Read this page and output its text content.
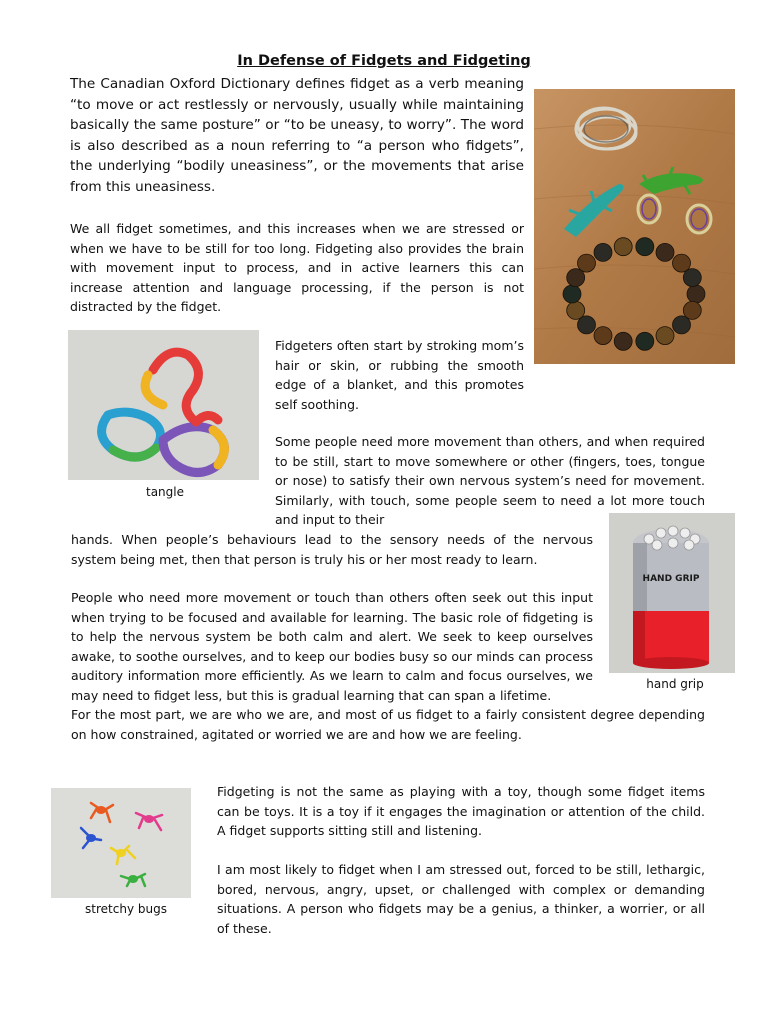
In Defense of Fidgets and Fidgeting

The Canadian Oxford Dictionary defines fidget as a verb meaning “to move or act restlessly or nervously, usually while maintaining basically the same posture” or “to be uneasy, to worry”. The word is also described as a noun referring to “a person who fidgets”, the underlying “bodily uneasiness”, or the movements that arise from this uneasiness.

We all fidget sometimes, and this increases when we are stressed or when we have to be still for too long. Fidgeting also provides the brain with movement input to process, and in active learners this can increase attention and language processing, if the person is not distracted by the fidget.

Fidgeters often start by stroking mom’s hair or skin, or rubbing the smooth edge of a blanket, and this promotes self soothing.

Some people need more movement than others, and when required to be still, start to move somewhere or other (fingers, toes, tongue or nose) to satisfy their own nervous system’s need for movement. Similarly, with touch, some people seem to need a lot more touch and input to their

hands. When people’s behaviours lead to the sensory needs of the nervous system being met, then that person is truly his or her most ready to learn.

People who need more movement or touch than others often seek out this input when trying to be focused and available for learning. The basic role of fidgeting is to help the nervous system be both calm and alert. We seek to keep ourselves awake, to soothe ourselves, and to keep our bodies busy so our minds can process auditory information more efficiently. As we learn to calm and focus ourselves, we may need to fidget less, but this is gradual learning that can span a lifetime.

For the most part, we are who we are, and most of us fidget to a fairly consistent degree depending on how constrained, agitated or worried we are and how we are feeling.

Fidgeting is not the same as playing with a toy, though some fidget items can be toys. It is a toy if it engages the imagination or attention of the child. A fidget supports sitting still and listening.

I am most likely to fidget when I am stressed out, forced to be still, lethargic, bored, nervous, angry, upset, or challenged with complex or demanding situations. A person who fidgets may be a genius, a thinker, a worrier, or all of these.

HAND GRIP
tangle
hand grip
stretchy bugs
